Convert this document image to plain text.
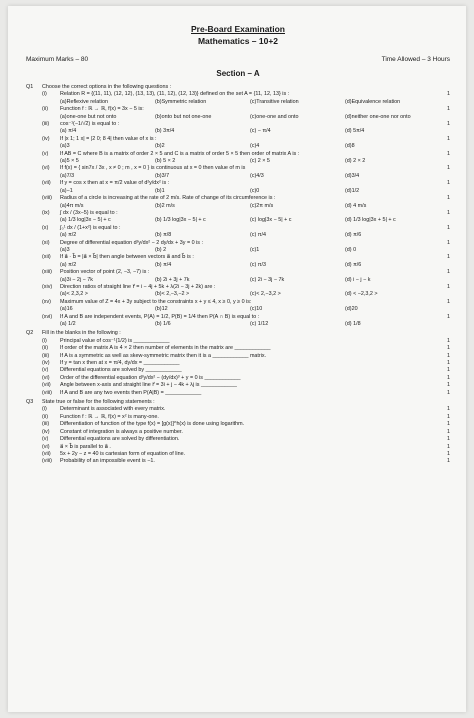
Pre-Board Examination
Mathematics – 10+2
Maximum Marks – 80	Time Allowed – 3 Hours
Section – A
Q1	Choose the correct options in the following questions :
(i)	Relation R = {(11, 11), (12, 12), (13, 13), (11, 12), (12, 13)} defined on the set A = {11, 12, 13} is :	1
(a)Reflexive relation	(b)Symmetric relation	(c)Transitive relation	(d)Equivalence relation
(ii)	Function f : ℝ → ℝ, f(x) = 3x − 5 is:	1
(a)one-one but not onto	(b)onto but not one-one	(c)one-one and onto	(d)neither one-one nor onto
(iii)	cos⁻¹(−1/√2) is equal to :	1
(a) π/4	(b) 3π/4	(c) − π/4	(d) 5π/4
(iv)	If |x 1; 1 x| = |2 0; 8 4| then value of x is :	1
(a)3	(b)2	(c)4	(d)8
(v)	If AB = C where B is a matrix of order 2 × 5 and C is a matrix of order 5 × 5 then order of matrix A is :	1
(a)5 × 5	(b) 5 × 2	(c) 2 × 5	(d) 2 × 2
(vi)	If f(x) = { sin7x / 3x , x ≠ 0 ; m , x = 0 } is continuous at x = 0 then value of m is	1
(a)7/3	(b)3/7	(c)4/3	(d)3/4
(vii)	If y = cos x then at x = π/2 value of d²y/dx² is :	1
(a)−1	(b)1	(c)0	(d)1/2
(viii)	Radius of a circle is increasing at the rate of 2 m/s. Rate of change of its circumference is :	1
(a)4π m/s	(b)2 m/s	(c)2π m/s	(d) 4 m/s
(ix)	∫ dx / (3x−5) is equal to :	1
(a) 1/3 log|3x − 5| + c	(b) 1/3 log|3x − 5| + c	(c) log|3x − 5| + c	(d) 1/3 log|3x + 5| + c
(x)	∫₀¹ dx / (1+x²) is equal to :	1
(a) π/2	(b) π/8	(c) π/4	(d) π/6
(xi)	Degree of differential equation d²y/dx² − 2 dy/dx + 3y = 0 is :	1
(a)3	(b) 2	(c)1	(d) 0
(xii)	If a⃗ · b⃗ = |a⃗ × b⃗| then angle between vectors a⃗ and b⃗ is :	1
(a) π/2	(b) π/4	(c) π/3	(d) π/6
(xiii)	Position vector of point (2, −3, −7) is :	1
(a)3i − 2j − 7k	(b) 2i + 3j + 7k	(c) 2i − 3j − 7k	(d) i − j − k
(xiv)	Direction ratios of straight line r⃗ = i − 4j + 5k + λ(2i − 3j + 2k) are :	1
(a)< 2,3,2 >	(b)< 2,−3,−2 >	(c)< 2,−3,2 >	(d) < −2,3,2 >
(xv)	Maximum value of Z = 4x + 3y subject to the constraints x + y ≤ 4, x ≥ 0, y ≥ 0 is:	1
(a)16	(b)12	(c)10	(d)20
(xvi)	If A and B are independent events, P(A) = 1/2, P(B) = 1/4 then P(A ∩ B) is equal to :	1
(a) 1/2	(b) 1/6	(c) 1/12	(d) 1/8
Q2	Fill in the blanks in the following :
(i)	Principal value of cos⁻¹(1/2) is ____________	1
(ii)	If order of the matrix A is 4 × 2 then number of elements in the matrix are ____________	1
(iii)	If A is a symmetric as well as skew-symmetric matrix then it is a ____________ matrix.	1
(iv)	If y = tan x then at x = π/4, dy/dx = ____________	1
(v)	Differential equations are solved by ____________	1
(vi)	Order of the differential equation d²y/dx² − (dy/dx)³ + y = 0 is ____________	1
(vii)	Angle between x-axis and straight line r⃗ = 3i + j − 4k + λj is ____________	1
(viii)	If A and B are any two events then P(A|B) = ____________	1
Q3	State true or false for the following statements :
(i)	Determinant is associated with every matrix.	1
(ii)	Function f : ℝ → ℝ, f(x) = x² is many-one.	1
(iii)	Differentiation of function of the type f(x) = [g(x)]^h(x) is done using logarithm.	1
(iv)	Constant of integration is always a positive number.	1
(v)	Differential equations are solved by differentiation.	1
(vi)	a⃗ × b⃗ is parallel to a⃗ .	1
(vii)	5x + 2y − z = 40 is cartesian form of equation of line.	1
(viii)	Probability of an impossible event is −1.	1
